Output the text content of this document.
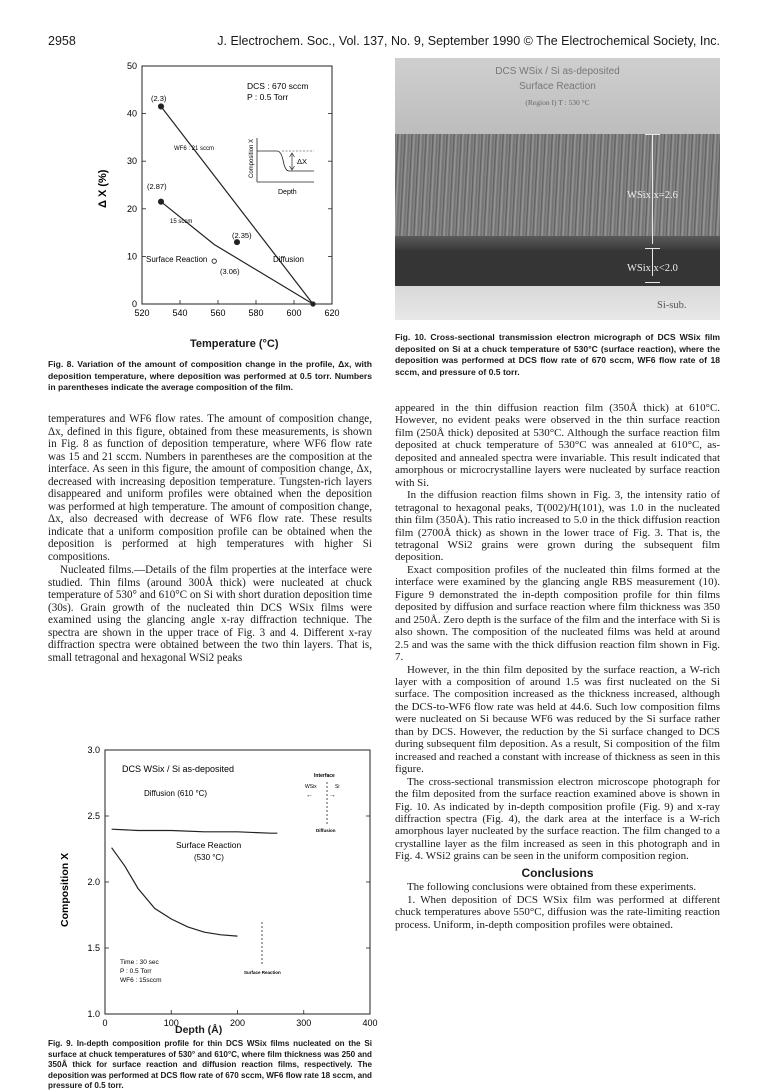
2958	J. Electrochem. Soc., Vol. 137, No. 9, September 1990 © The Electrochemical Society, Inc.
520	540	560	580	600	620
0
10
20
30
40
50
DCS : 670 sccm
P : 0.5 Torr
WF6 : 21 sccm
15 sccm
Surface Reaction	Diffusion
(2.3)
(2.87)
(2.35)
(3.06)
ΔX
Depth
Composition X
Δ X (%)
Temperature (°C)
Fig. 8. Variation of the amount of composition change in the profile, Δx, with deposition temperature, where deposition was performed at 0.5 torr. Numbers in parentheses indicate the average composition of the film.

temperatures and WF6 flow rates. The amount of composition change, Δx, defined in this figure, obtained from these measurements, is shown in Fig. 8 as function of deposition temperature, where WF6 flow rate was 15 and 21 sccm. Numbers in parentheses are the composition at the interface. As seen in this figure, the amount of composition change, Δx, decreased with increasing deposition temperature. Tungsten-rich layers disappeared and uniform profiles were obtained when the deposition was performed at high temperature. The amount of composition change, Δx, also decreased with decrease of WF6 flow rate. These results indicate that a uniform composition profile can be obtained when the deposition is performed at high temperatures with higher Si compositions.

Nucleated films.—Details of the film properties at the interface were studied. Thin films (around 300Å thick) were nucleated at chuck temperature of 530° and 610°C on Si with short duration deposition time (30s). Grain growth of the nucleated thin DCS WSix films were examined using the glancing angle x-ray diffraction technique. The spectra are shown in the upper trace of Fig. 3 and 4. Different x-ray diffraction spectra were obtained between the two thin layers. That is, small tetragonal and hexagonal WSi2 peaks

0	100	200	300	400
1.0
1.5
2.0
2.5
3.0
DCS WSix / Si as-deposited
Diffusion (610 °C)
Surface Reaction
(530 °C)
Interface
WSix	Si
← →
Diffusion
Surface Reaction
Time : 30 sec
P : 0.5 Torr
WF6 : 15sccm
Composition X
Depth (Å)
Fig. 9. In-depth composition profile for thin DCS WSix films nucleated on the Si surface at chuck temperatures of 530° and 610°C, where film thickness was 250 and 350Å thick for surface reaction and diffusion reaction films, respectively. The deposition was performed at DCS flow rate of 670 sccm, WF6 flow rate 18 sccm, and pressure of 0.5 torr.
DCS WSix / Si as-deposited
Surface Reaction
(Region I) T : 530 °C
WSix x=2.6
WSix x<2.0
Si-sub.
Fig. 10. Cross-sectional transmission electron micrograph of DCS WSix film deposited on Si at a chuck temperature of 530°C (surface reaction), where the deposition was performed at DCS flow rate of 670 sccm, WF6 flow rate of 18 sccm, and pressure of 0.5 torr.

appeared in the thin diffusion reaction film (350Å thick) at 610°C. However, no evident peaks were observed in the thin surface reaction film (250Å thick) deposited at 530°C. Although the surface reaction film deposited at chuck temperature of 530°C was annealed at 610°C, as-deposited and annealed spectra were invariable. This result indicated that amorphous or microcrystalline layers were nucleated by surface reaction with Si.

In the diffusion reaction films shown in Fig. 3, the intensity ratio of tetragonal to hexagonal peaks, T(002)/H(101), was 1.0 in the nucleated thin film (350Å). This ratio increased to 5.0 in the thick diffusion reaction film (2700Å thick) as shown in the lower trace of Fig. 3. That is, the tetragonal WSi2 grains were grown during the subsequent film deposition.

Exact composition profiles of the nucleated thin films formed at the interface were examined by the glancing angle RBS measurement (10). Figure 9 demonstrated the in-depth composition profile for thin films deposited by diffusion and surface reaction where film thickness was 350 and 250Å. Zero depth is the surface of the film and the interface with Si is also shown. The composition of the nucleated films was held at around 2.5 and was the same with the thick diffusion reaction film shown in Fig. 7.

However, in the thin film deposited by the surface reaction, a W-rich layer with a composition of around 1.5 was first nucleated on the Si surface. The composition increased as the thickness increased, although the DCS-to-WF6 flow rate was held at 44.6. Such low composition films were nucleated on Si because WF6 was reduced by the Si surface rather than by DCS. However, the reduction by the Si surface changed to DCS during subsequent film deposition. As a result, Si composition of the film increased and reached a constant with increase of thickness as seen in this figure.

The cross-sectional transmission electron microscope photograph for the film deposited from the surface reaction examined above is shown in Fig. 10. As indicated by in-depth composition profile (Fig. 9) and x-ray diffraction spectra (Fig. 4), the dark area at the interface is a W-rich amorphous layer nucleated by the surface reaction. The film changed to a crystalline layer as the film increased as seen in this photograph and in Fig. 4. WSi2 grains can be seen in the uniform composition region.

Conclusions

The following conclusions were obtained from these experiments.

1. When deposition of DCS WSix film was performed at different chuck temperatures above 550°C, diffusion was the rate-limiting reaction process. Uniform, in-depth composition profiles were obtained.
